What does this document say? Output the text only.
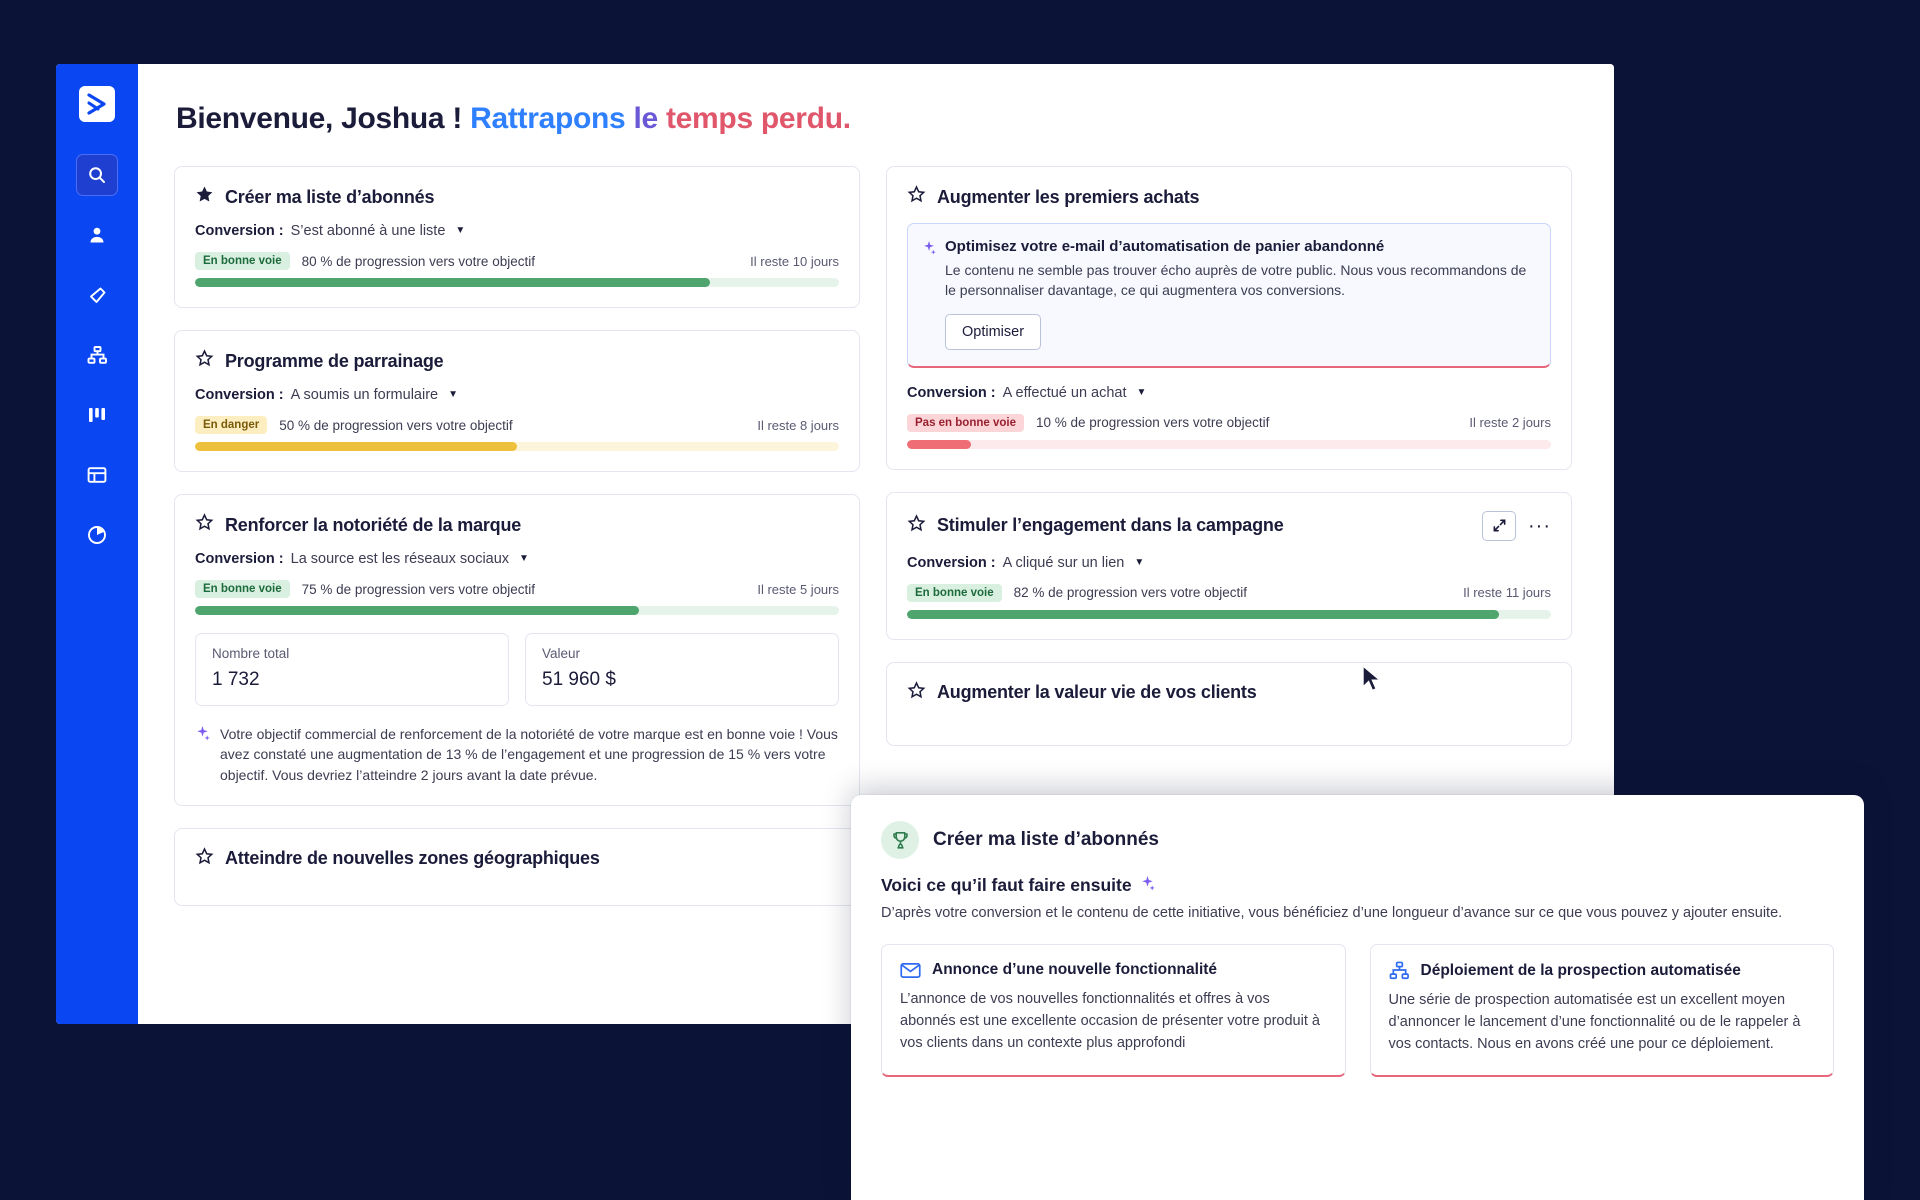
Bienvenue, Joshua ! Rattrapons le temps perdu.
Créer ma liste d’abonnés
Conversion : S’est abonné à une liste ▼
En bonne voie	80 % de progression vers votre objectif	Il reste 10 jours
Programme de parrainage
Conversion : A soumis un formulaire ▼
En danger	50 % de progression vers votre objectif	Il reste 8 jours
Renforcer la notoriété de la marque
Conversion : La source est les réseaux sociaux ▼
En bonne voie	75 % de progression vers votre objectif	Il reste 5 jours
Nombre total
1 732
Valeur
51 960 $
Votre objectif commercial de renforcement de la notoriété de votre marque est en bonne voie ! Vous avez constaté une augmentation de 13 % de l’engagement et une progression de 15 % vers votre objectif. Vous devriez l’atteindre 2 jours avant la date prévue.
Atteindre de nouvelles zones géographiques
Augmenter les premiers achats
Optimisez votre e-mail d’automatisation de panier abandonné
Le contenu ne semble pas trouver écho auprès de votre public. Nous vous recommandons de le personnaliser davantage, ce qui augmentera vos conversions.
Optimiser
Conversion : A effectué un achat ▼
Pas en bonne voie	10 % de progression vers votre objectif	Il reste 2 jours
Stimuler l’engagement dans la campagne	···
Conversion : A cliqué sur un lien ▼
En bonne voie	82 % de progression vers votre objectif	Il reste 11 jours
Augmenter la valeur vie de vos clients
Créer ma liste d’abonnés
Voici ce qu’il faut faire ensuite
D’après votre conversion et le contenu de cette initiative, vous bénéficiez d’une longueur d’avance sur ce que vous pouvez y ajouter ensuite.
Annonce d’une nouvelle fonctionnalité
L’annonce de vos nouvelles fonctionnalités et offres à vos abonnés est une excellente occasion de présenter votre produit à vos clients dans un contexte plus approfondi
Déploiement de la prospection automatisée
Une série de prospection automatisée est un excellent moyen d’annoncer le lancement d’une fonctionnalité ou de le rappeler à vos contacts. Nous en avons créé une pour ce déploiement.
